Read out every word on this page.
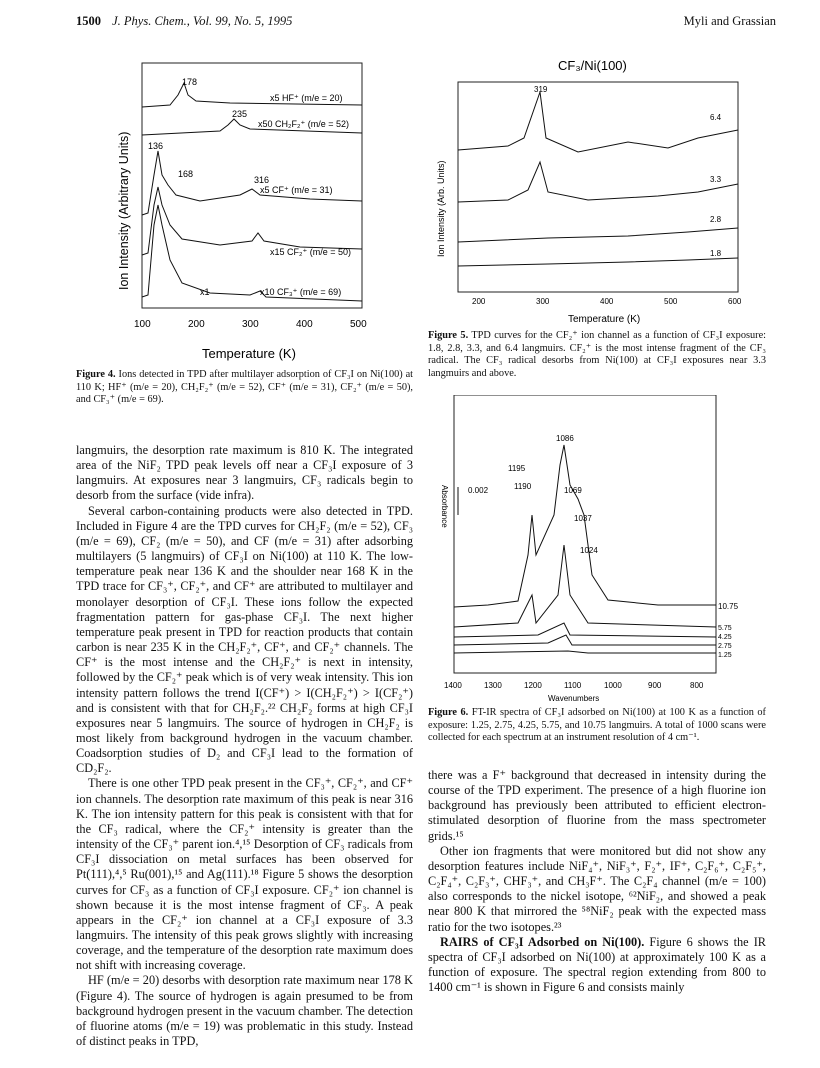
1500 J. Phys. Chem., Vol. 99, No. 5, 1995	Myli and Grassian
x5 HF⁺ (m/e = 20)
x50 CH₂F₂⁺ (m/e = 52)
x5 CF⁺ (m/e = 31)
x15 CF₂⁺ (m/e = 50)
x10 CF₃⁺ (m/e = 69)
178
235
136
168
316
x1
100	200	300	400	500
Temperature (K)
Ion Intensity (Arbitrary Units)
Figure 4. Ions detected in TPD after multilayer adsorption of CF₃I on Ni(100) at 110 K; HF⁺ (m/e = 20), CH₂F₂⁺ (m/e = 52), CF⁺ (m/e = 31), CF₂⁺ (m/e = 50), and CF₃⁺ (m/e = 69).

langmuirs, the desorption rate maximum is 810 K. The integrated area of the NiF₂ TPD peak levels off near a CF₃I exposure of 3 langmuirs. At exposures near 3 langmuirs, CF₃ radicals begin to desorb from the surface (vide infra).

Several carbon-containing products were also detected in TPD. Included in Figure 4 are the TPD curves for CH₂F₂ (m/e = 52), CF₃ (m/e = 69), CF₂ (m/e = 50), and CF (m/e = 31) after adsorbing multilayers (5 langmuirs) of CF₃I on Ni(100) at 110 K. The low-temperature peak near 136 K and the shoulder near 168 K in the TPD trace for CF₃⁺, CF₂⁺, and CF⁺ are attributed to multilayer and monolayer desorption of CF₃I. These ions follow the expected fragmentation pattern for gas-phase CF₃I. The next higher temperature peak present in TPD for reaction products that contain carbon is near 235 K in the CH₂F₂⁺, CF⁺, and CF₂⁺ channels. The CF⁺ is the most intense and the CH₂F₂⁺ is next in intensity, followed by the CF₂⁺ peak which is of very weak intensity. This ion intensity pattern follows the trend I(CF⁺) > I(CH₂F₂⁺) > I(CF₂⁺) and is consistent with that for CH₂F₂.²² CH₂F₂ forms at high CF₃I exposures near 5 langmuirs. The source of hydrogen in CH₂F₂ is most likely from background hydrogen in the vacuum chamber. Coadsorption studies of D₂ and CF₃I lead to the formation of CD₂F₂.

There is one other TPD peak present in the CF₃⁺, CF₂⁺, and CF⁺ ion channels. The desorption rate maximum of this peak is near 316 K. The ion intensity pattern for this peak is consistent with that for the CF₃ radical, where the CF₂⁺ intensity is greater than the intensity of the CF₃⁺ parent ion.⁴,¹⁵ Desorption of CF₃ radicals from CF₃I dissociation on metal surfaces has been observed for Pt(111),⁴,⁵ Ru(001),¹⁵ and Ag(111).¹⁸ Figure 5 shows the desorption curves for CF₃ as a function of CF₃I exposure. CF₂⁺ ion channel is shown because it is the most intense fragment of CF₃. A peak appears in the CF₂⁺ ion channel at a CF₃I exposure of 3.3 langmuirs. The intensity of this peak grows slightly with increasing coverage, and the temperature of the desorption rate maximum does not shift with increasing coverage.

HF (m/e = 20) desorbs with desorption rate maximum near 178 K (Figure 4). The source of hydrogen is again presumed to be from background hydrogen present in the vacuum chamber. The detection of fluorine atoms (m/e = 19) was problematic in this study. Instead of distinct peaks in TPD,

CF₃/Ni(100)
319
6.4
3.3
2.8
1.8
200	300	400	500	600
Temperature (K)
Ion Intensity (Arb. Units)
Figure 5. TPD curves for the CF₂⁺ ion channel as a function of CF₃I exposure: 1.8, 2.8, 3.3, and 6.4 langmuirs. CF₂⁺ is the most intense fragment of the CF₃ radical. The CF₃ radical desorbs from Ni(100) at CF₃I exposures near 3.3 langmuirs and above.
0.002
1086
1195
1190	1069
1037
1024
10.75
5.75
4.25
2.75
1.25
1400	1300	1200	1100	1000	900	800
Wavenumbers
Absorbance
Figure 6. FT-IR spectra of CF₃I adsorbed on Ni(100) at 100 K as a function of exposure: 1.25, 2.75, 4.25, 5.75, and 10.75 langmuirs. A total of 1000 scans were collected for each spectrum at an instrument resolution of 4 cm⁻¹.

there was a F⁺ background that decreased in intensity during the course of the TPD experiment. The presence of a high fluorine ion background has previously been attributed to efficient electron-stimulated desorption of fluorine from the mass spectrometer grids.¹⁵

Other ion fragments that were monitored but did not show any desorption features include NiF₄⁺, NiF₃⁺, F₂⁺, IF⁺, C₂F₆⁺, C₂F₅⁺, C₂F₄⁺, C₂F₃⁺, CHF₃⁺, and CH₃F⁺. The C₂F₄ channel (m/e = 100) also corresponds to the nickel isotope, ⁶²NiF₂, and showed a peak near 800 K that mirrored the ⁵⁸NiF₂ peak with the expected mass ratio for the two isotopes.²³

RAIRS of CF₃I Adsorbed on Ni(100). Figure 6 shows the IR spectra of CF₃I adsorbed on Ni(100) at approximately 100 K as a function of exposure. The spectral region extending from 800 to 1400 cm⁻¹ is shown in Figure 6 and consists mainly
